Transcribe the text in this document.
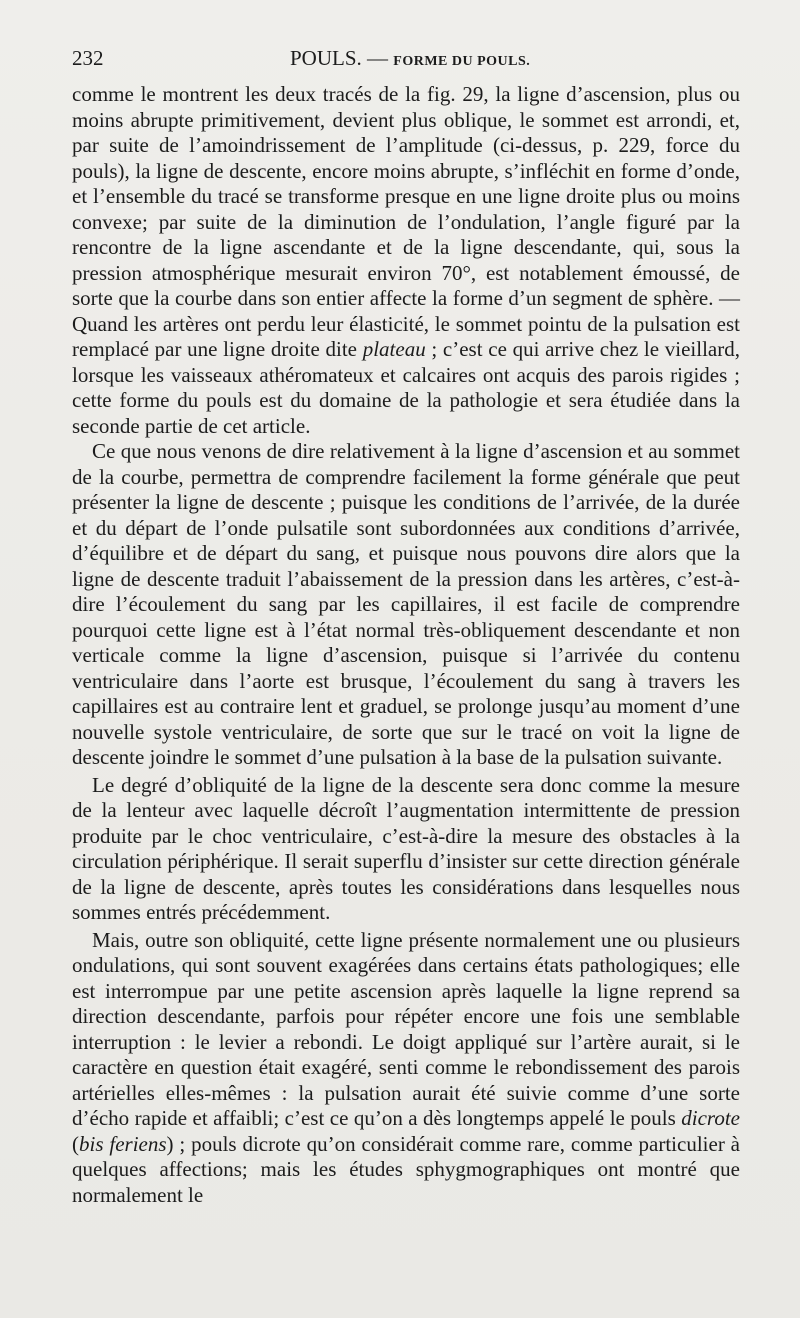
232	POULS. — FORME DU POULS.

comme le montrent les deux tracés de la fig. 29, la ligne d’ascension, plus ou moins abrupte primitivement, devient plus oblique, le sommet est arrondi, et, par suite de l’amoindrissement de l’amplitude (ci-dessus, p. 229, force du pouls), la ligne de descente, encore moins abrupte, s’infléchit en forme d’onde, et l’ensemble du tracé se transforme presque en une ligne droite plus ou moins convexe; par suite de la diminution de l’ondulation, l’angle figuré par la rencontre de la ligne ascendante et de la ligne descendante, qui, sous la pression atmosphérique mesurait environ 70°, est notablement émoussé, de sorte que la courbe dans son entier affecte la forme d’un segment de sphère. — Quand les artères ont perdu leur élasticité, le sommet pointu de la pulsation est remplacé par une ligne droite dite plateau ; c’est ce qui arrive chez le vieillard, lorsque les vaisseaux athéromateux et calcaires ont acquis des parois rigides ; cette forme du pouls est du domaine de la pathologie et sera étudiée dans la seconde partie de cet article.

Ce que nous venons de dire relativement à la ligne d’ascension et au sommet de la courbe, permettra de comprendre facilement la forme générale que peut présenter la ligne de descente ; puisque les conditions de l’arrivée, de la durée et du départ de l’onde pulsatile sont subordonnées aux conditions d’arrivée, d’équilibre et de départ du sang, et puisque nous pouvons dire alors que la ligne de descente traduit l’abaissement de la pression dans les artères, c’est-à-dire l’écoulement du sang par les capillaires, il est facile de comprendre pourquoi cette ligne est à l’état normal très-obliquement descendante et non verticale comme la ligne d’ascension, puisque si l’arrivée du contenu ventriculaire dans l’aorte est brusque, l’écoulement du sang à travers les capillaires est au contraire lent et graduel, se prolonge jusqu’au moment d’une nouvelle systole ventriculaire, de sorte que sur le tracé on voit la ligne de descente joindre le sommet d’une pulsation à la base de la pulsation suivante.

Le degré d’obliquité de la ligne de la descente sera donc comme la mesure de la lenteur avec laquelle décroît l’augmentation intermittente de pression produite par le choc ventriculaire, c’est-à-dire la mesure des obstacles à la circulation périphérique. Il serait superflu d’insister sur cette direction générale de la ligne de descente, après toutes les considérations dans lesquelles nous sommes entrés précédemment.

Mais, outre son obliquité, cette ligne présente normalement une ou plusieurs ondulations, qui sont souvent exagérées dans certains états pathologiques; elle est interrompue par une petite ascension après laquelle la ligne reprend sa direction descendante, parfois pour répéter encore une fois une semblable interruption : le levier a rebondi. Le doigt appliqué sur l’artère aurait, si le caractère en question était exagéré, senti comme le rebondissement des parois artérielles elles-mêmes : la pulsation aurait été suivie comme d’une sorte d’écho rapide et affaibli; c’est ce qu’on a dès longtemps appelé le pouls dicrote (bis feriens) ; pouls dicrote qu’on considérait comme rare, comme particulier à quelques affections; mais les études sphygmographiques ont montré que normalement le
